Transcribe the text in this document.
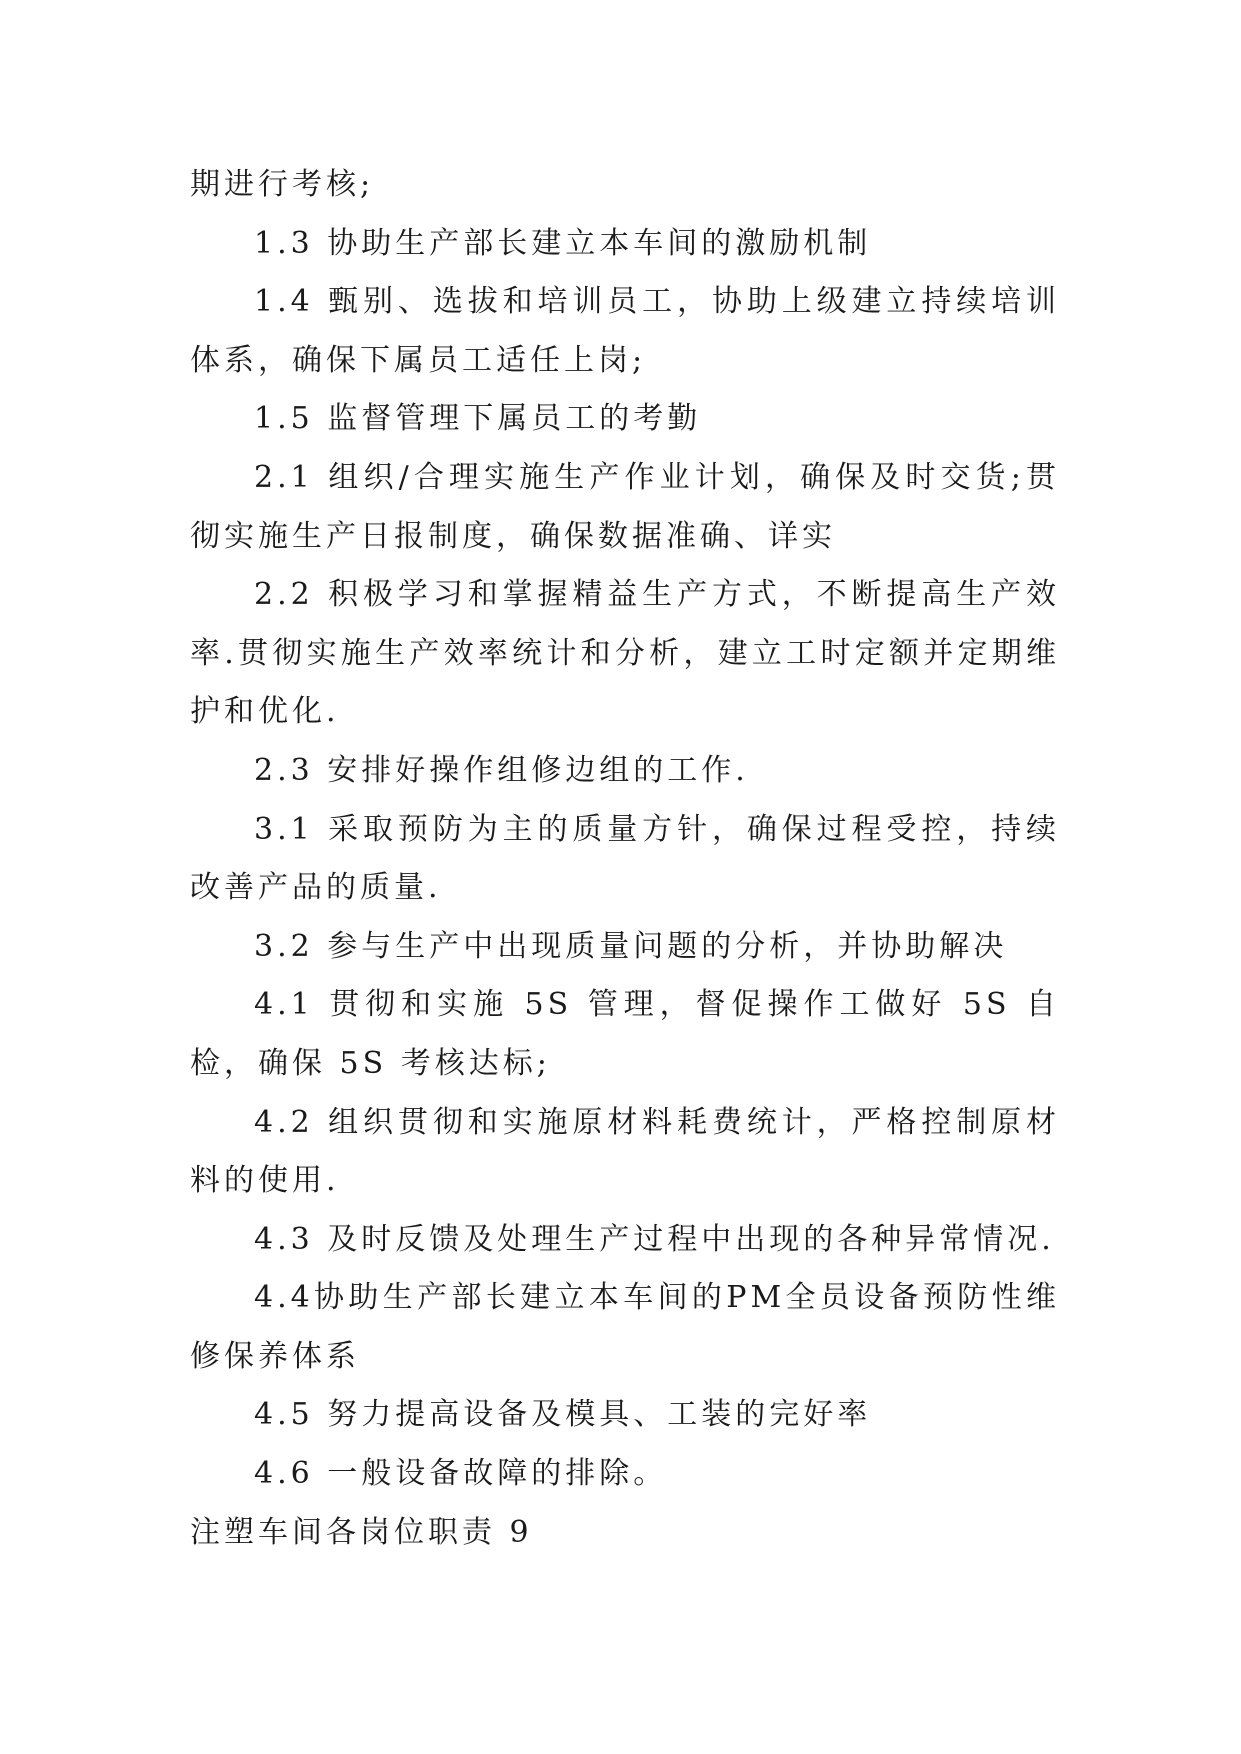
期进行考核;

1.3 协助生产部长建立本车间的激励机制

1.4 甄别、选拔和培训员工，协助上级建立持续培训体系，确保下属员工适任上岗;

1.5 监督管理下属员工的考勤

2.1 组织/合理实施生产作业计划，确保及时交货;贯彻实施生产日报制度，确保数据准确、详实

2.2 积极学习和掌握精益生产方式，不断提高生产效率.贯彻实施生产效率统计和分析，建立工时定额并定期维护和优化.

2.3 安排好操作组修边组的工作.

3.1 采取预防为主的质量方针，确保过程受控，持续改善产品的质量.

3.2 参与生产中出现质量问题的分析，并协助解决

4.1 贯彻和实施 5S 管理，督促操作工做好 5S 自检，确保 5S 考核达标;

4.2 组织贯彻和实施原材料耗费统计，严格控制原材料的使用.

4.3 及时反馈及处理生产过程中出现的各种异常情况.

4.4协助生产部长建立本车间的PM全员设备预防性维修保养体系

4.5 努力提高设备及模具、工装的完好率

4.6 一般设备故障的排除。

注塑车间各岗位职责 9
